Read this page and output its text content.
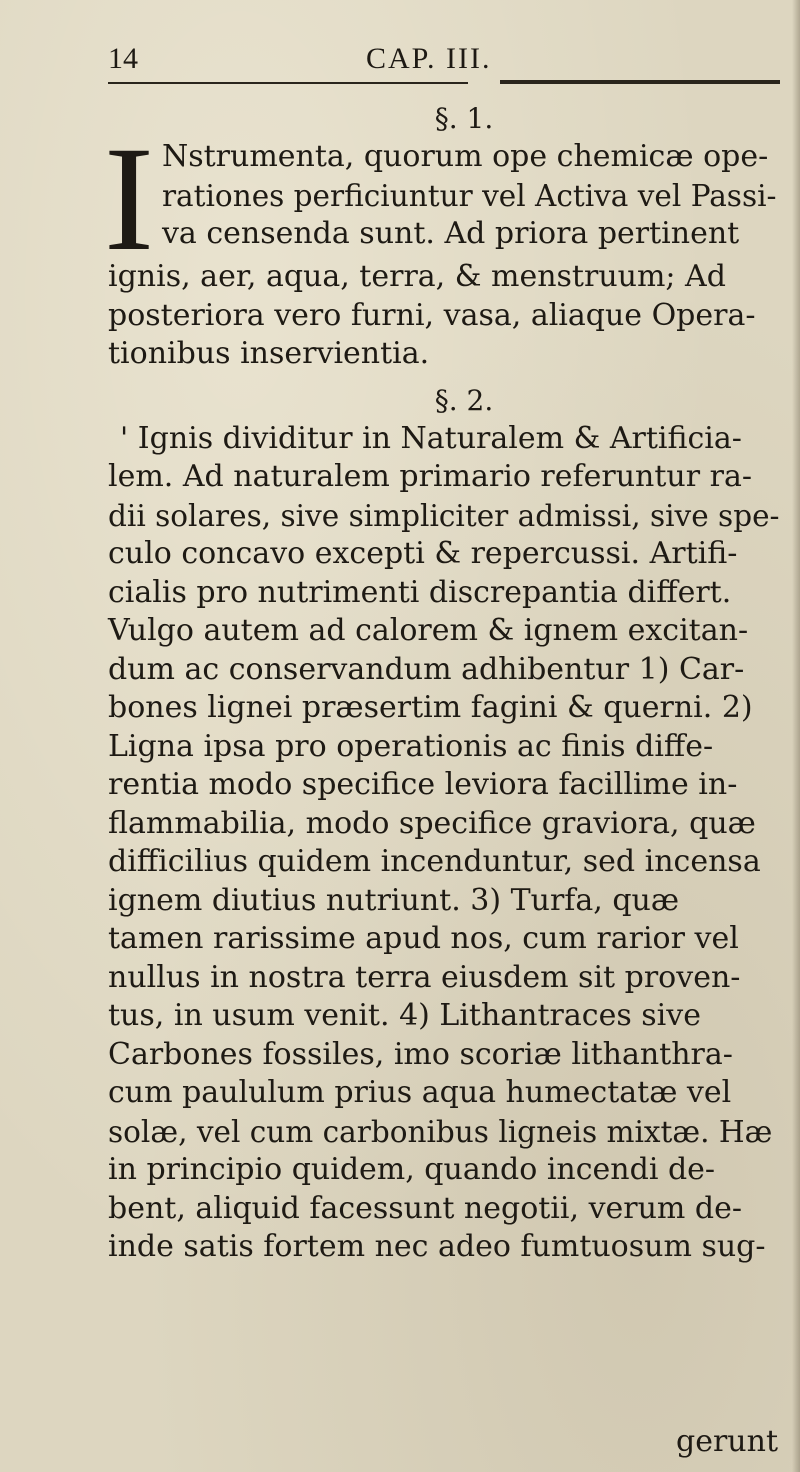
14	CAP. III.
§. 1.
I Nstrumenta, quorum ope chemicæ ope-
rationes perficiuntur vel Activa vel Passi-
va censenda sunt. Ad priora pertinent
ignis, aer, aqua, terra, & menstruum; Ad
posteriora vero furni, vasa, aliaque Opera-
tionibus inservientia.
§. 2.
' Ignis dividitur in Naturalem & Artificia-
lem. Ad naturalem primario referuntur ra-
dii solares, sive simpliciter admissi, sive spe-
culo concavo excepti & repercussi. Artifi-
cialis pro nutrimenti discrepantia differt.
Vulgo autem ad calorem & ignem excitan-
dum ac conservandum adhibentur 1) Car-
bones lignei præsertim fagini & querni. 2)
Ligna ipsa pro operationis ac finis diffe-
rentia modo specifice leviora facillime in-
flammabilia, modo specifice graviora, quæ
difficilius quidem incenduntur, sed incensa
ignem diutius nutriunt. 3) Turfa, quæ
tamen rarissime apud nos, cum rarior vel
nullus in nostra terra eiusdem sit proven-
tus, in usum venit. 4) Lithantraces sive
Carbones fossiles, imo scoriæ lithanthra-
cum paululum prius aqua humectatæ vel
solæ, vel cum carbonibus ligneis mixtæ. Hæ
in principio quidem, quando incendi de-
bent, aliquid facessunt negotii, verum de-
inde satis fortem nec adeo fumtuosum sug-
gerunt
